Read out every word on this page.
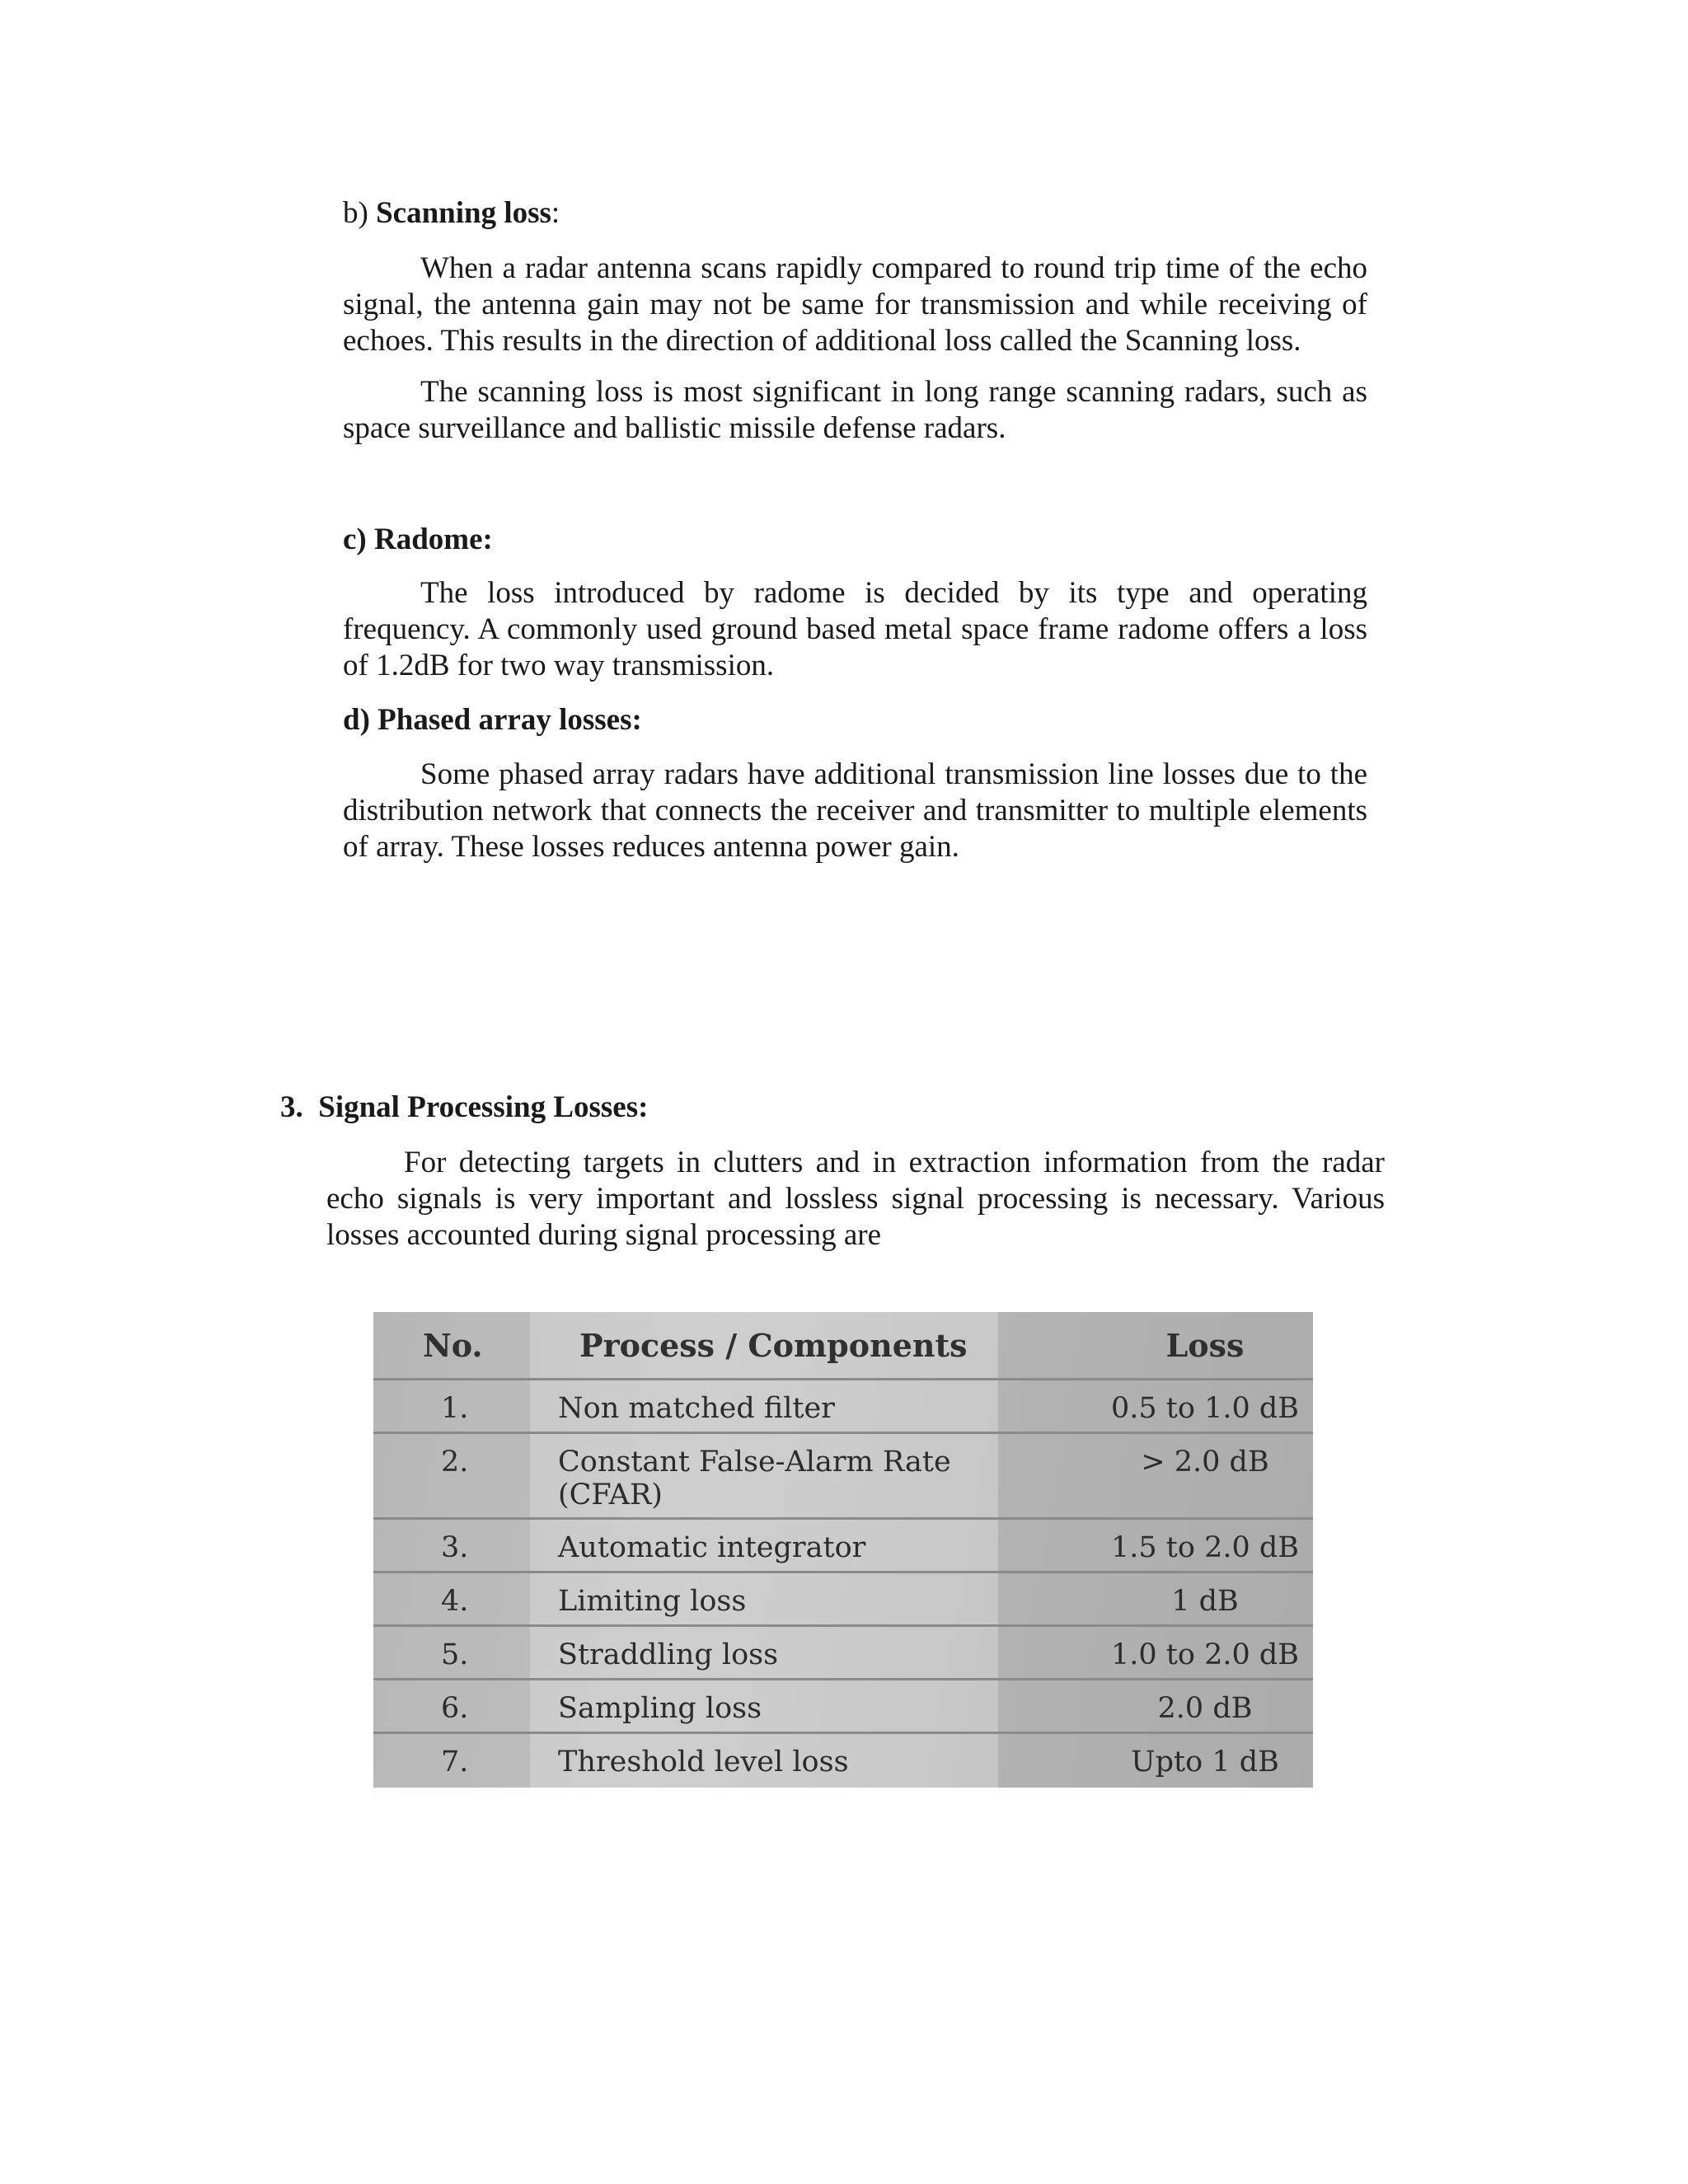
b) Scanning loss:

When a radar antenna scans rapidly compared to round trip time of the echo signal, the antenna gain may not be same for transmission and while receiving of echoes. This results in the direction of additional loss called the Scanning loss.

The scanning loss is most significant in long range scanning radars, such as space surveillance and ballistic missile defense radars.

c) Radome:

The loss introduced by radome is decided by its type and operating frequency. A commonly used ground based metal space frame radome offers a loss of 1.2dB for two way transmission.

d) Phased array losses:

Some phased array radars have additional transmission line losses due to the distribution network that connects the receiver and transmitter to multiple elements of array. These losses reduces antenna power gain.

3. Signal Processing Losses:

For detecting targets in clutters and in extraction information from the radar echo signals is very important and lossless signal processing is necessary. Various losses accounted during signal processing are

No.	Process / Components	Loss
1.	Non matched filter	0.5 to 1.0 dB
2.	Constant False-Alarm Rate (CFAR)	> 2.0 dB
3.	Automatic integrator	1.5 to 2.0 dB
4.	Limiting loss	1 dB
5.	Straddling loss	1.0 to 2.0 dB
6.	Sampling loss	2.0 dB
7.	Threshold level loss	Upto 1 dB
